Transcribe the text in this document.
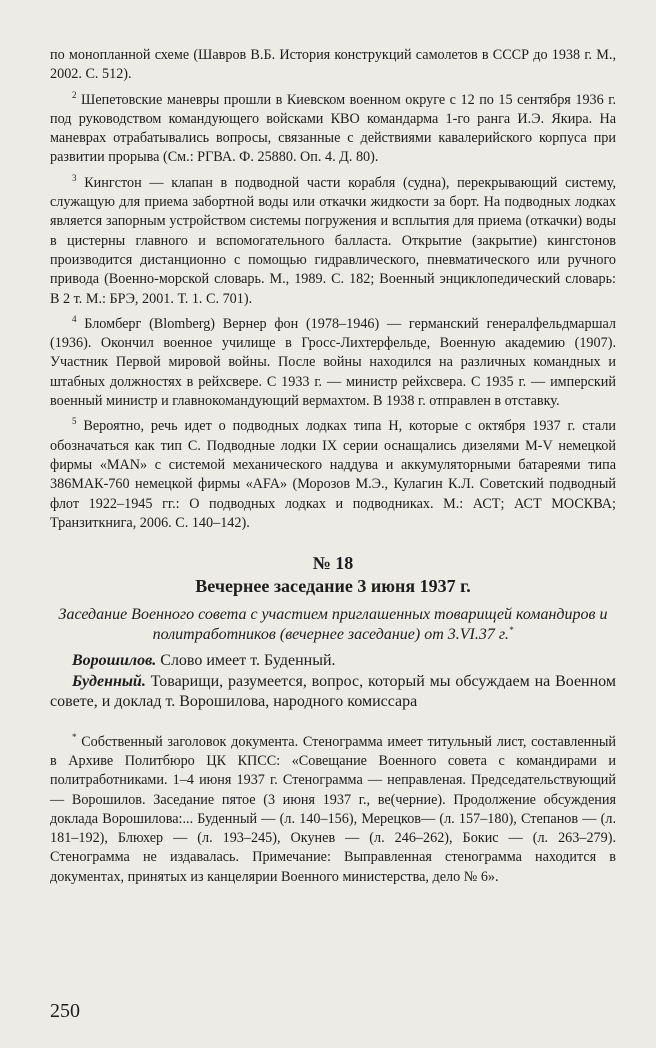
по монопланной схеме (Шавров В.Б. История конструкций самолетов в СССР до 1938 г. М., 2002. С. 512).

$^2$ Шепетовские маневры прошли в Киевском военном округе с 12 по 15 сентября 1936 г. под руководством командующего войсками КВО командарма 1-го ранга И.Э. Якира. На маневрах отрабатывались вопросы, связанные с действиями кавалерийского корпуса при развитии прорыва (См.: РГВА. Ф. 25880. Оп. 4. Д. 80).

$^3$ Кингстон — клапан в подводной части корабля (судна), перекрывающий систему, служащую для приема забортной воды или откачки жидкости за борт. На подводных лодках является запорным устройством системы погружения и всплытия для приема (откачки) воды в цистерны главного и вспомогательного балласта. Открытие (закрытие) кингстонов производится дистанционно с помощью гидравлического, пневматического или ручного привода (Военно-морской словарь. М., 1989. С. 182; Военный энциклопедический словарь: В 2 т. М.: БРЭ, 2001. Т. 1. С. 701).

$^4$ Бломберг (Blomberg) Вернер фон (1978–1946) — германский генералфельдмаршал (1936). Окончил военное училище в Гросс-Лихтерфельде, Военную академию (1907). Участник Первой мировой войны. После войны находился на различных командных и штабных должностях в рейхсвере. С 1933 г. — министр рейхсвера. С 1935 г. — имперский военный министр и главнокомандующий вермахтом. В 1938 г. отправлен в отставку.

$^5$ Вероятно, речь идет о подводных лодках типа Н, которые с октября 1937 г. стали обозначаться как тип С. Подводные лодки IX серии оснащались дизелями М-V немецкой фирмы «MAN» с системой механического наддува и аккумуляторными батареями типа 386МАК-760 немецкой фирмы «AFA» (Морозов М.Э., Кулагин К.Л. Советский подводный флот 1922–1945 гг.: О подводных лодках и подводниках. М.: АСТ; АСТ МОСКВА; Транзиткнига, 2006. С. 140–142).

№ 18
Вечернее заседание 3 июня 1937 г.
Заседание Военного совета с участием приглашенных товарищей командиров и политработников (вечернее заседание) от 3.VI.37 г.*

Ворошилов. Слово имеет т. Буденный.

Буденный. Товарищи, разумеется, вопрос, который мы обсуждаем на Военном совете, и доклад т. Ворошилова, народного комиссара

* Собственный заголовок документа. Стенограмма имеет титульный лист, составленный в Архиве Политбюро ЦК КПСС: «Совещание Военного совета с командирами и политработниками. 1–4 июня 1937 г. Стенограмма — неправленая. Председательствующий — Ворошилов. Заседание пятое (3 июня 1937 г., ве(черние). Продолжение обсуждения доклада Ворошилова:... Буденный — (л. 140–156), Мерецков— (л. 157–180), Степанов — (л. 181–192), Блюхер — (л. 193–245), Окунев — (л. 246–262), Бокис — (л. 263–279). Стенограмма не издавалась. Примечание: Выправленная стенограмма находится в документах, принятых из канцелярии Военного министерства, дело № 6».

250
